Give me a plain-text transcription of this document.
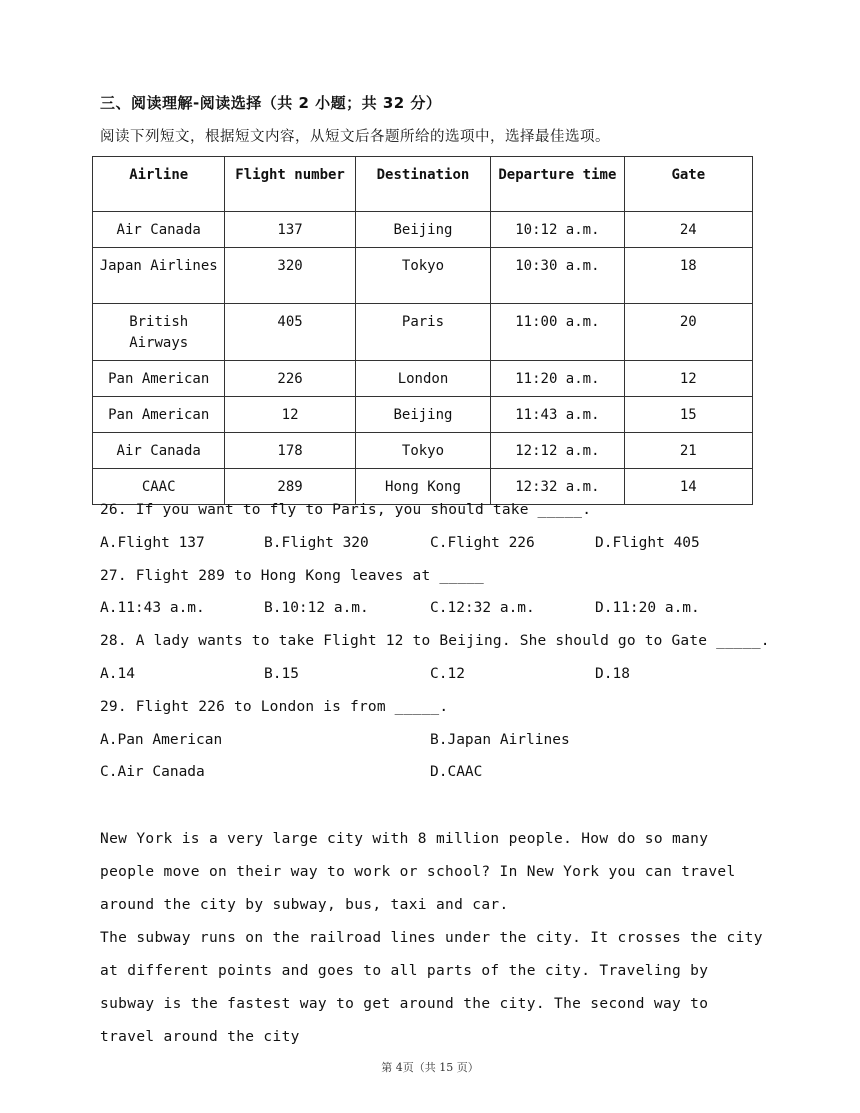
三、阅读理解-阅读选择（共 2 小题；共 32 分）
阅读下列短文，根据短文内容，从短文后各题所给的选项中，选择最佳选项。
Airline	Flight number	Destination	Departure time	Gate
Air Canada	137	Beijing	10:12 a.m.	24
Japan Airlines	320	Tokyo	10:30 a.m.	18
British Airways	405	Paris	11:00 a.m.	20
Pan American	226	London	11:20 a.m.	12
Pan American	12	Beijing	11:43 a.m.	15
Air Canada	178	Tokyo	12:12 a.m.	21
CAAC	289	Hong Kong	12:32 a.m.	14
26. If you want to fly to Paris, you should take _____.
A.Flight 137	B.Flight 320	C.Flight 226	D.Flight 405
27. Flight 289 to Hong Kong leaves at _____
A.11:43 a.m.	B.10:12 a.m.	C.12:32 a.m.	D.11:20 a.m.
28. A lady wants to take Flight 12 to Beijing. She should go to Gate _____.
A.14	B.15	C.12	D.18
29. Flight 226 to London is from _____.
A.Pan American	B.Japan Airlines
C.Air Canada	D.CAAC
New York is a very large city with 8 million people. How do so many people move on their way to work or school? In New York you can travel around the city by subway, bus, taxi and car.
The subway runs on the railroad lines under the city. It crosses the city at different points and goes to all parts of the city. Traveling by subway is the fastest way to get around the city. The second way to travel around the city
第 4页（共 15 页）
